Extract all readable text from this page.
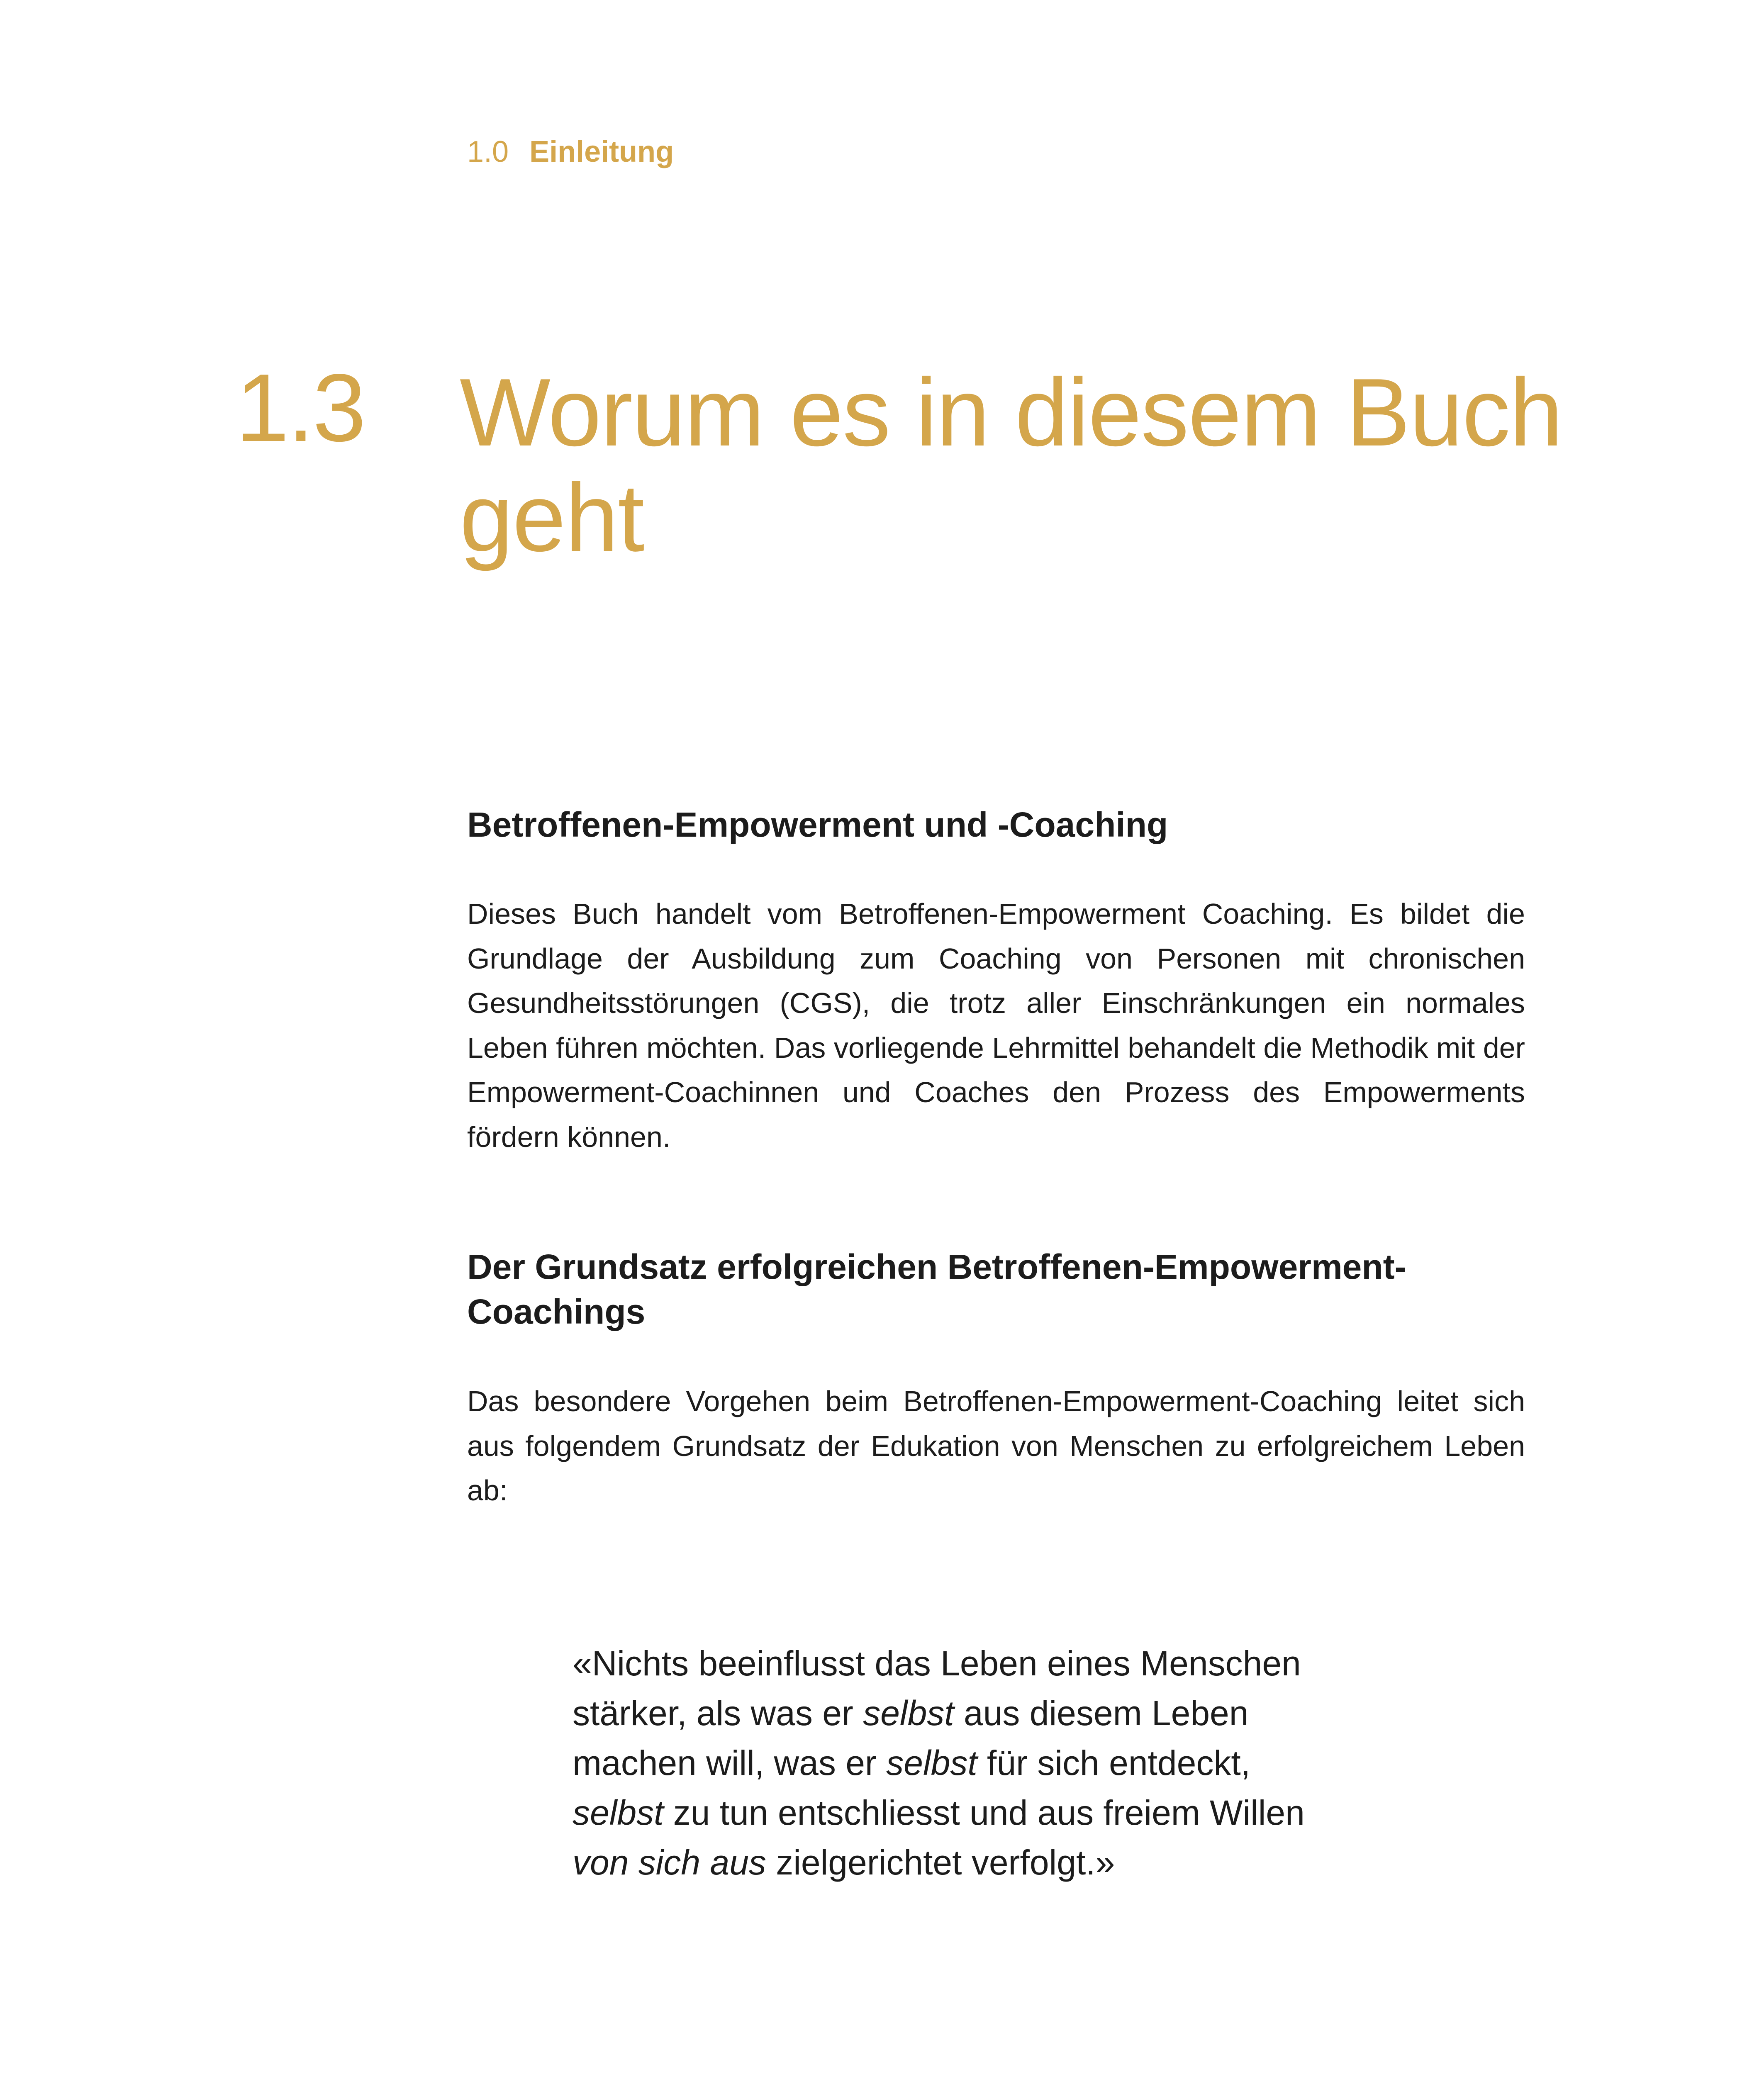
1.0 Einleitung
1.3 Worum es in diesem Buch geht
Betroffenen-Empowerment und -Coaching

Dieses Buch handelt vom Betroffenen-Empowerment Coaching. Es bildet die Grundlage der Ausbildung zum Coaching von Personen mit chronischen Gesundheitsstörungen (CGS), die trotz aller Einschränkungen ein normales Leben führen möchten. Das vorliegende Lehrmittel behandelt die Methodik mit der Empowerment-Coachinnen und Coaches den Prozess des Empowerments fördern können.

Der Grundsatz erfolgreichen Betroffenen-Empowerment-Coachings

Das besondere Vorgehen beim Betroffenen-Empowerment-Coaching leitet sich aus folgendem Grundsatz der Edukation von Menschen zu erfolgreichem Leben ab:

«Nichts beeinflusst das Leben eines Menschen
stärker, als was er selbst aus diesem Leben
machen will, was er selbst für sich entdeckt,
selbst zu tun entschliesst und aus freiem Willen
von sich aus zielgerichtet verfolgt.»
